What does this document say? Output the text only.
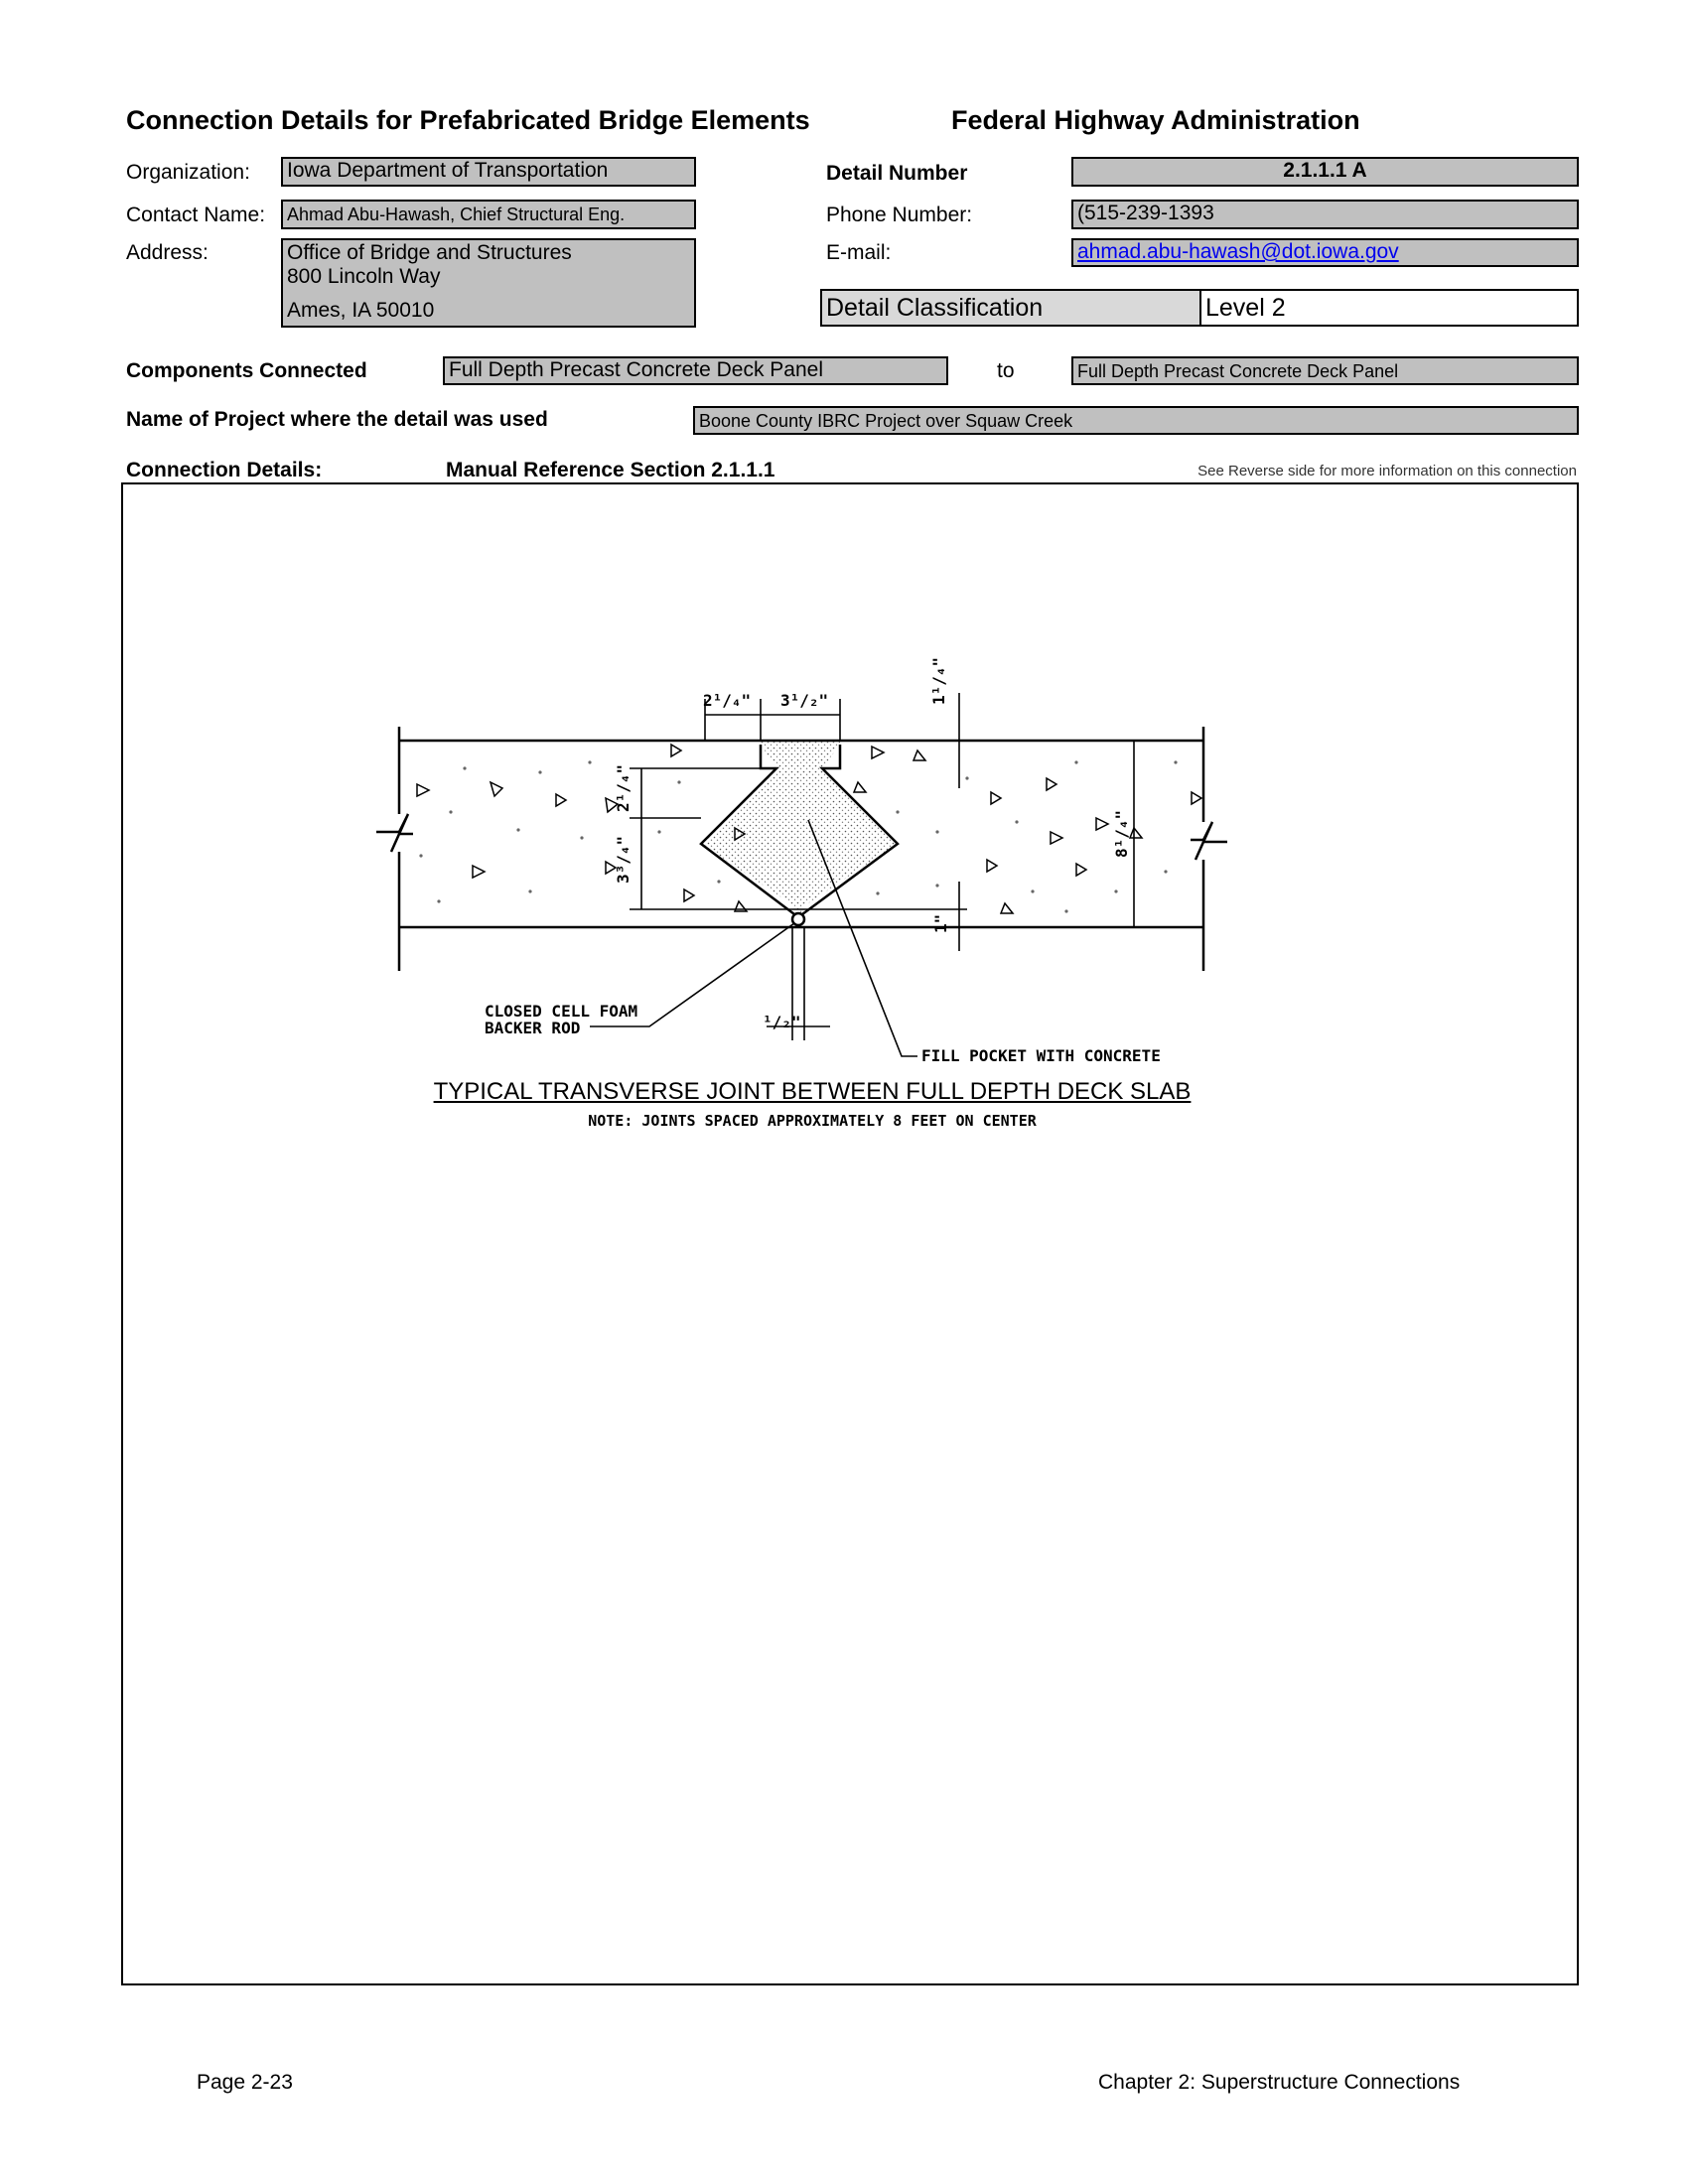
Connection Details for Prefabricated Bridge Elements	Federal Highway Administration
Organization: Iowa Department of Transportation
Contact Name:	Ahmad Abu-Hawash, Chief Structural Eng.
Address:	Office of Bridge and Structures
800 Lincoln Way
Ames, IA 50010
Detail Number	2.1.1.1 A
Phone Number:	(515-239-1393
E-mail:	ahmad.abu-hawash@dot.iowa.gov
Detail Classification	Level 2
Components Connected	Full Depth Precast Concrete Deck Panel	to	Full Depth Precast Concrete Deck Panel
Name of Project where the detail was used	Boone County IBRC Project over Squaw Creek
Connection Details:	Manual Reference Section 2.1.1.1	See Reverse side for more information on this connection
2¹/₄" 3¹/₂"	1¹/₄"
2¹/₄"
3³/₄"
8¹/₄"
1"
¹/₂"
CLOSED CELL FOAM
BACKER ROD
FILL POCKET WITH CONCRETE
TYPICAL TRANSVERSE JOINT BETWEEN FULL DEPTH DECK SLAB
NOTE: JOINTS SPACED APPROXIMATELY 8 FEET ON CENTER
Page 2-23	Chapter 2: Superstructure Connections
